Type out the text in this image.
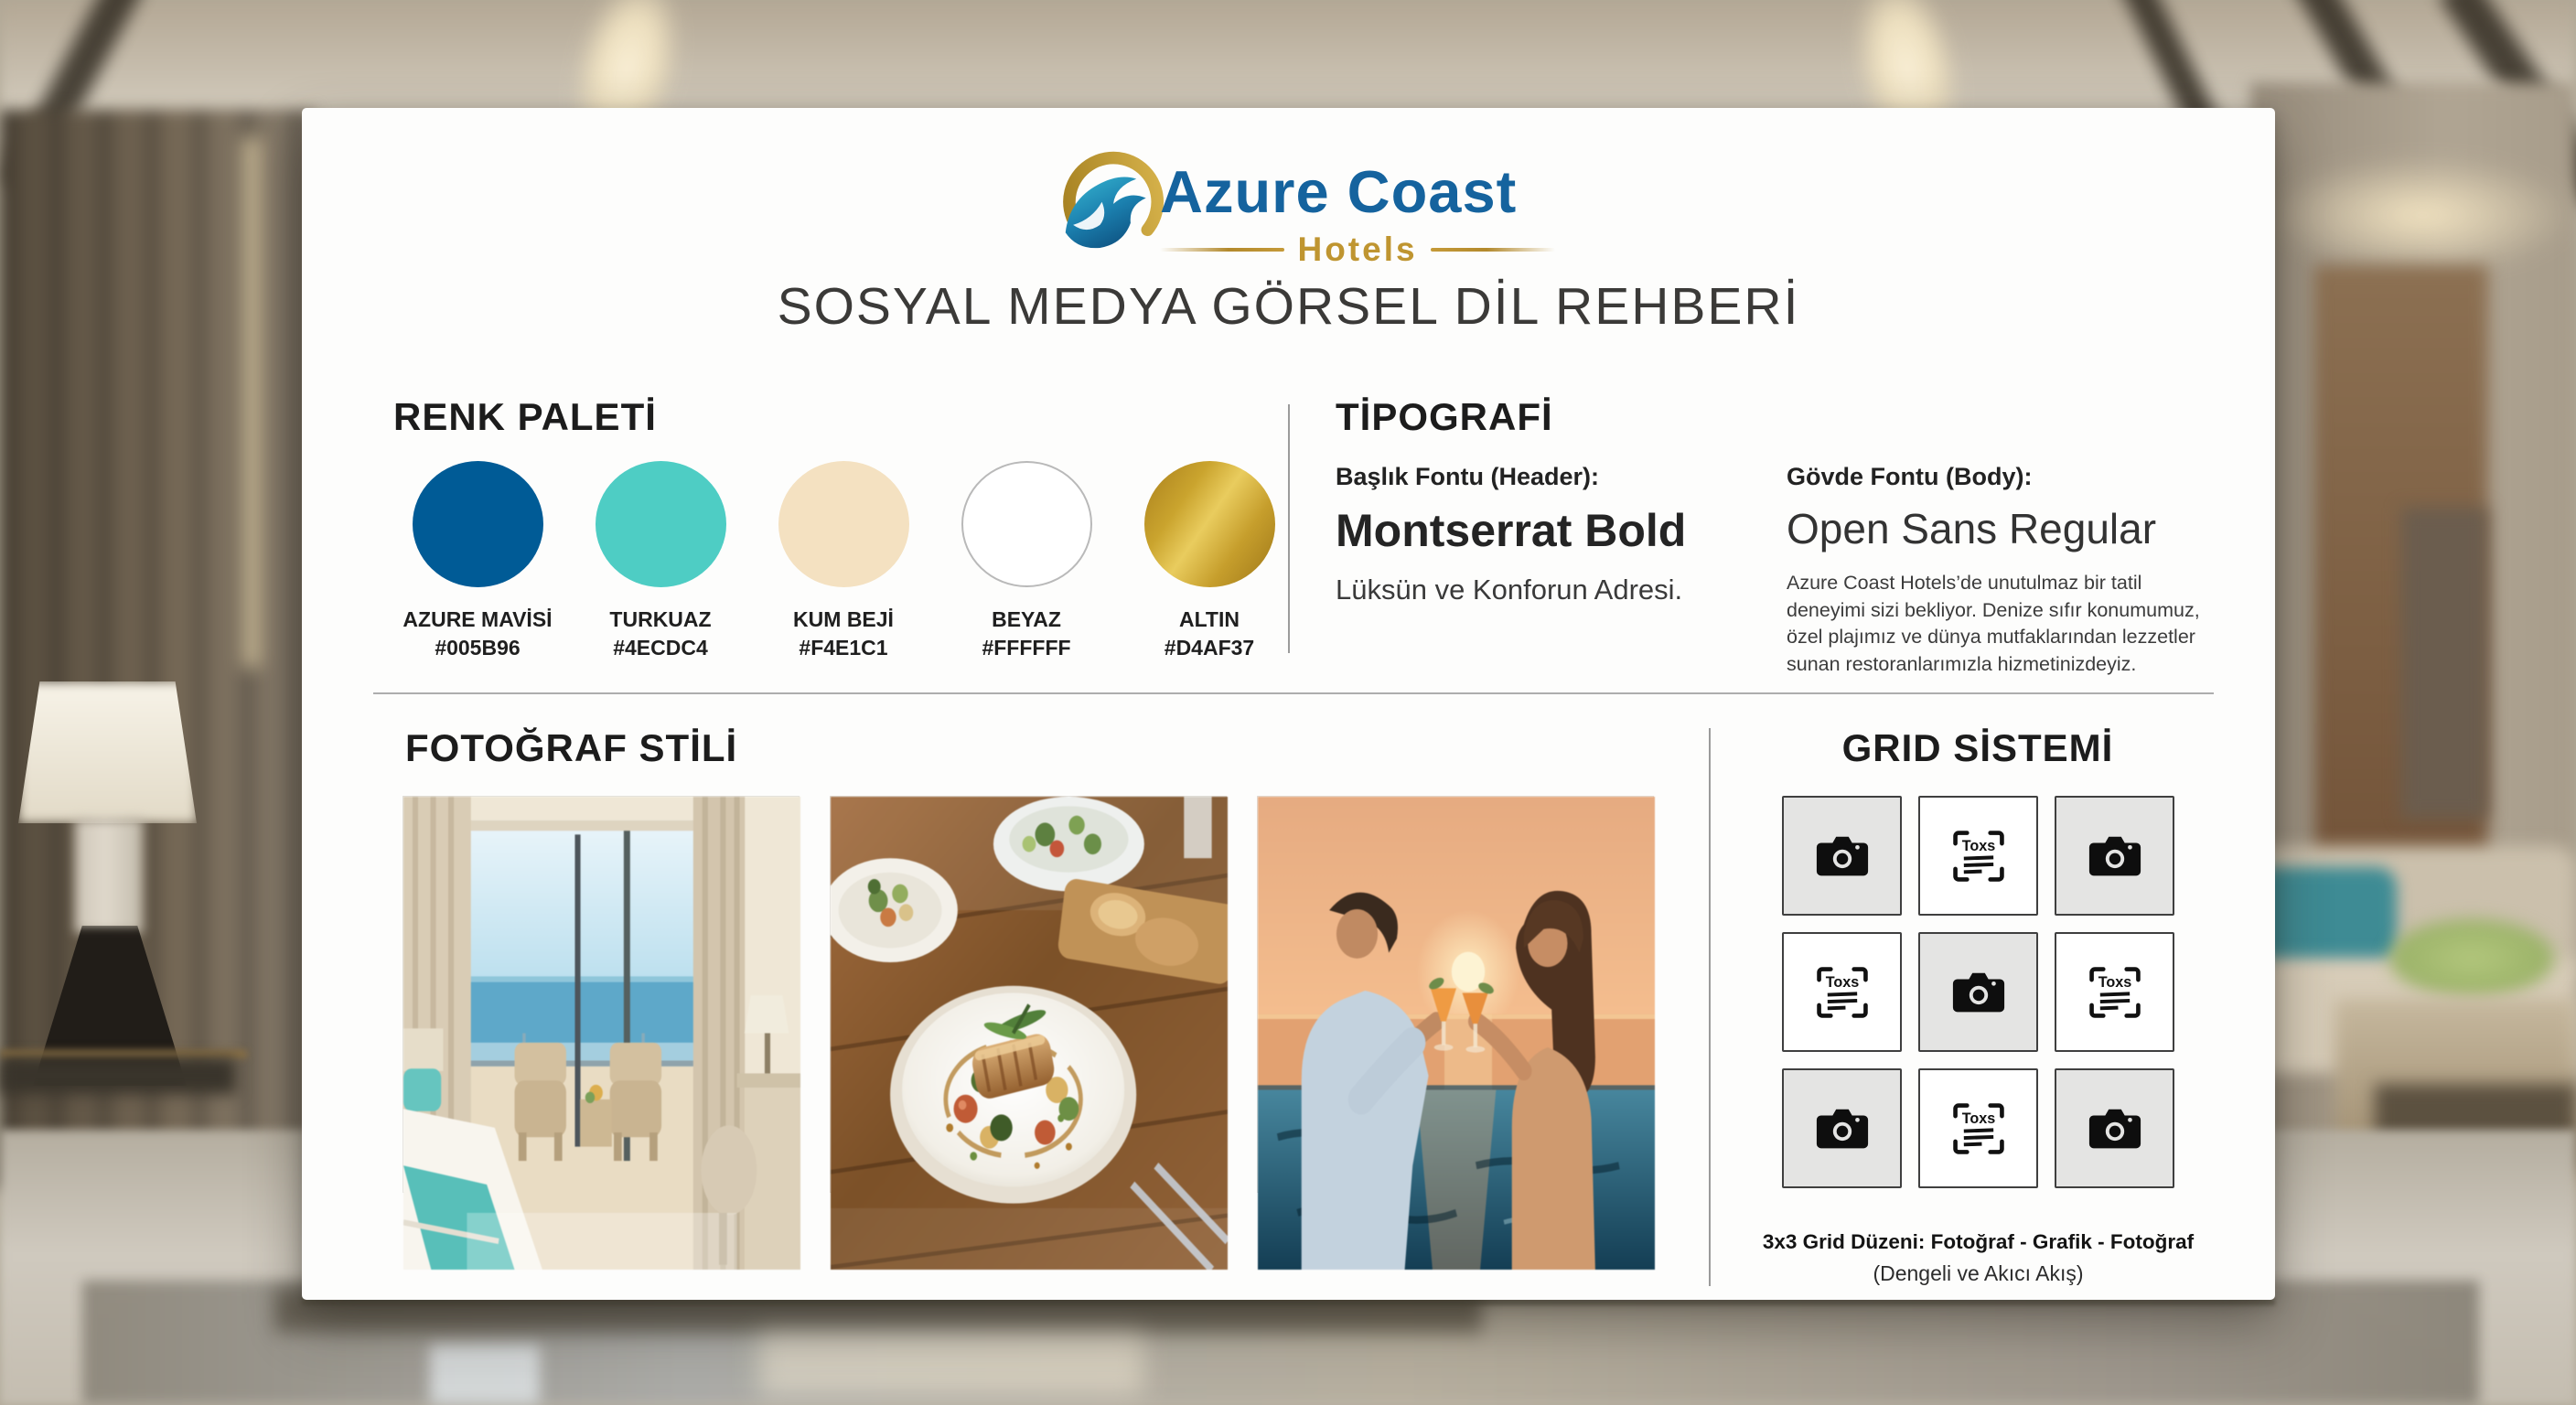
Azure Coast
Hotels
SOSYAL MEDYA GÖRSEL DİL REHBERİ
RENK PALETİ
AZURE MAVİSİ
#005B96
TURKUAZ
#4ECDC4
KUM BEJİ
#F4E1C1
BEYAZ
#FFFFFF
ALTIN
#D4AF37
TİPOGRAFİ
Başlık Fontu (Header):
Montserrat Bold
Lüksün ve Konforun Adresi.
Gövde Fontu (Body):
Open Sans Regular
Azure Coast Hotels’de unutulmaz bir tatil deneyimi sizi bekliyor. Denize sıfır konumumuz, özel plajımız ve dünya mutfaklarından lezzetler sunan restoranlarımızla hizmetinizdeyiz.
FOTOĞRAF STİLİ	GRID SİSTEMİ
Toxs
Toxs	Toxs
Toxs
3x3 Grid Düzeni: Fotoğraf - Grafik - Fotoğraf
(Dengeli ve Akıcı Akış)
